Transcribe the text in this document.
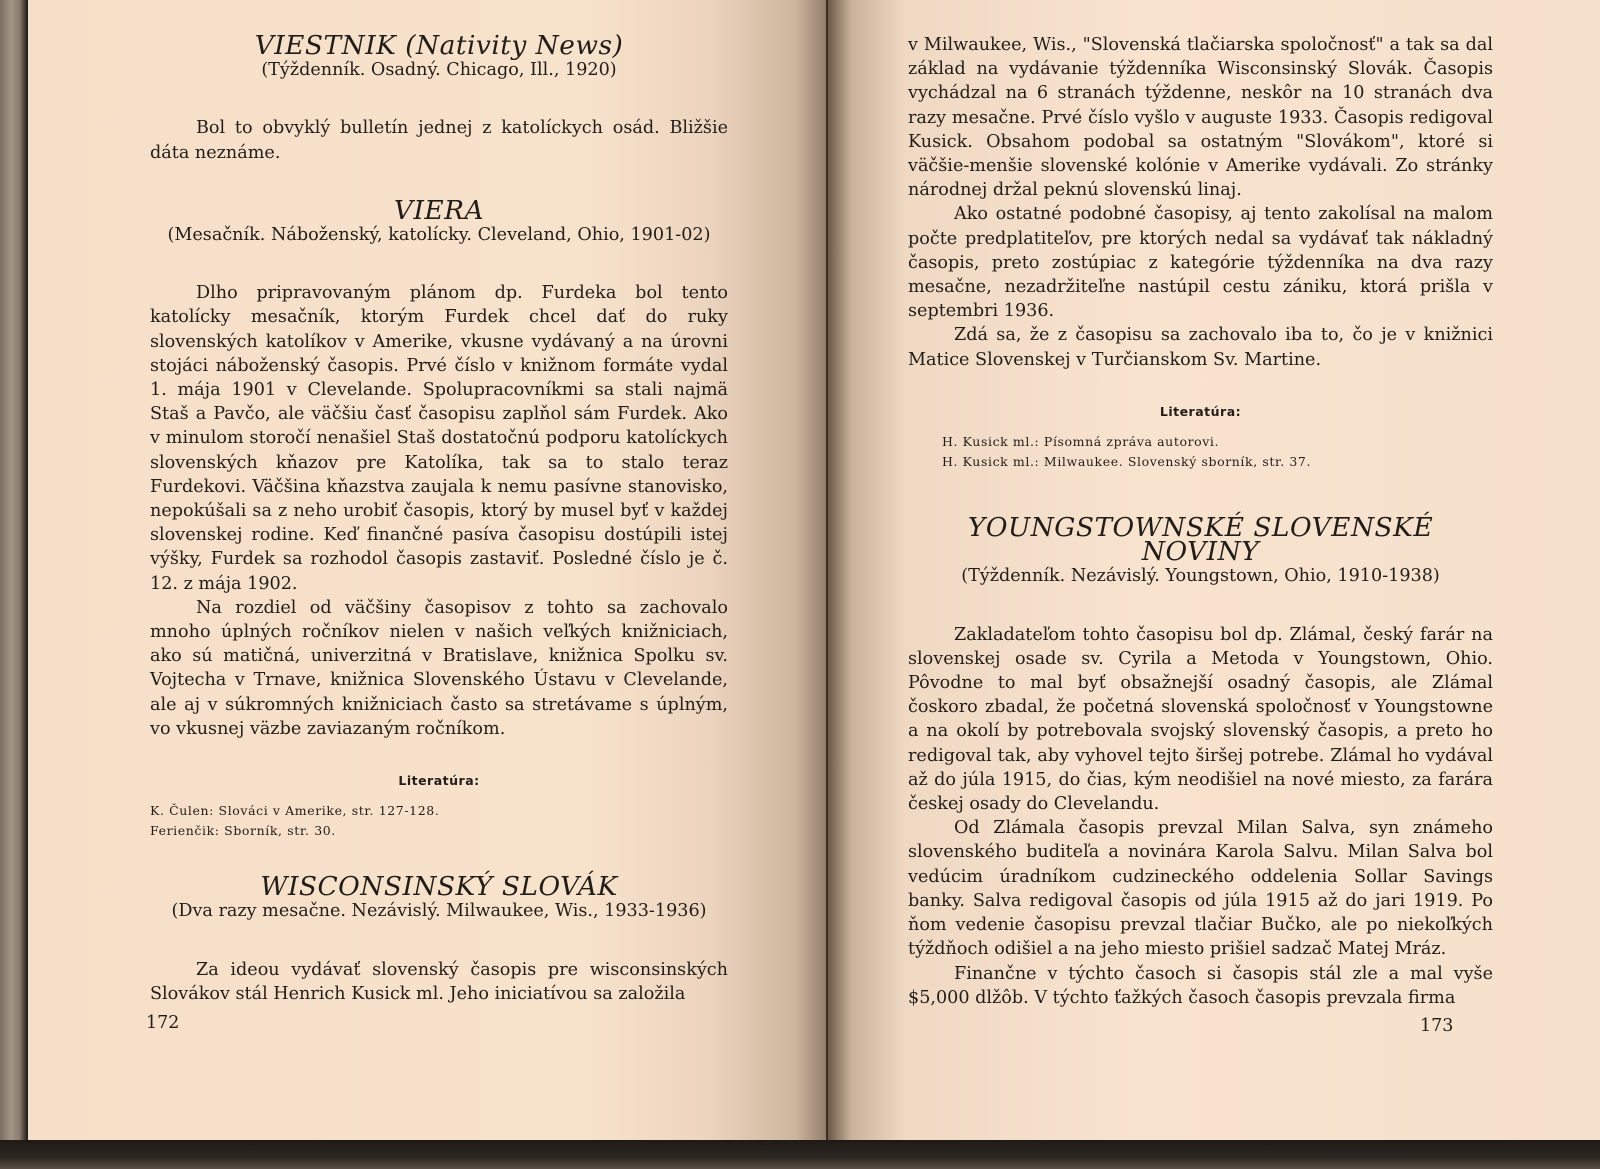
VIESTNIK (Nativity News)

(Týždenník. Osadný. Chicago, Ill., 1920)

Bol to obvyklý bulletín jednej z katolíckych osád. Bližšie dáta neznáme.

VIERA

(Mesačník. Náboženský, katolícky. Cleveland, Ohio, 1901-02)

Dlho pripravovaným plánom dp. Furdeka bol tento katolícky mesačník, ktorým Furdek chcel dať do ruky slovenských katolíkov v Amerike, vkusne vydávaný a na úrovni stojáci náboženský časopis. Prvé číslo v knižnom formáte vydal 1. mája 1901 v Clevelande. Spolupracovníkmi sa stali najmä Staš a Pavčo, ale väčšiu časť časopisu zaplňol sám Furdek. Ako v minulom storočí nenašiel Staš dostatočnú podporu katolíckych slovenských kňazov pre Katolíka, tak sa to stalo teraz Furdekovi. Väčšina kňazstva zaujala k nemu pasívne stanovisko, nepokúšali sa z neho urobiť časopis, ktorý by musel byť v každej slovenskej rodine. Keď finančné pasíva časopisu dostúpili istej výšky, Furdek sa rozhodol časopis zastaviť. Posledné číslo je č. 12. z mája 1902.

Na rozdiel od väčšiny časopisov z tohto sa zachovalo mnoho úplných ročníkov nielen v našich veľkých knižniciach, ako sú matičná, univerzitná v Bratislave, knižnica Spolku sv. Vojtecha v Trnave, knižnica Slovenského Ústavu v Clevelande, ale aj v súkromných knižniciach často sa stretávame s úplným, vo vkusnej väzbe zaviazaným ročníkom.

Literatúra:

K. Čulen: Slováci v Amerike, str. 127-128.

Ferienčik: Sborník, str. 30.

WISCONSINSKÝ SLOVÁK

(Dva razy mesačne. Nezávislý. Milwaukee, Wis., 1933-1936)

Za ideou vydávať slovenský časopis pre wisconsinských Slovákov stál Henrich Kusick ml. Jeho iniciatívou sa založila

172

v Milwaukee, Wis., "Slovenská tlačiarska spoločnosť" a tak sa dal základ na vydávanie týždenníka Wisconsinský Slovák. Časopis vychádzal na 6 stranách týždenne, neskôr na 10 stranách dva razy mesačne. Prvé číslo vyšlo v auguste 1933. Časopis redigoval Kusick. Obsahom podobal sa ostatným "Slovákom", ktoré si väčšie-menšie slovenské kolónie v Amerike vydávali. Zo stránky národnej držal peknú slovenskú linaj.

Ako ostatné podobné časopisy, aj tento zakolísal na malom počte predplatiteľov, pre ktorých nedal sa vydávať tak nákladný časopis, preto zostúpiac z kategórie týždenníka na dva razy mesačne, nezadržiteľne nastúpil cestu zániku, ktorá prišla v septembri 1936.

Zdá sa, že z časopisu sa zachovalo iba to, čo je v knižnici Matice Slovenskej v Turčianskom Sv. Martine.

Literatúra:

H. Kusick ml.: Písomná zpráva autorovi.

H. Kusick ml.: Milwaukee. Slovenský sborník, str. 37.

YOUNGSTOWNSKÉ SLOVENSKÉ NOVINY

(Týždenník. Nezávislý. Youngstown, Ohio, 1910-1938)

Zakladateľom tohto časopisu bol dp. Zlámal, český farár na slovenskej osade sv. Cyrila a Metoda v Youngstown, Ohio. Pôvodne to mal byť obsažnejší osadný časopis, ale Zlámal čoskoro zbadal, že početná slovenská spoločnosť v Youngstowne a na okolí by potrebovala svojský slovenský časopis, a preto ho redigoval tak, aby vyhovel tejto širšej potrebe. Zlámal ho vydával až do júla 1915, do čias, kým neodišiel na nové miesto, za farára českej osady do Clevelandu.

Od Zlámala časopis prevzal Milan Salva, syn známeho slovenského buditeľa a novinára Karola Salvu. Milan Salva bol vedúcim úradníkom cudzineckého oddelenia Sollar Savings banky. Salva redigoval časopis od júla 1915 až do jari 1919. Po ňom vedenie časopisu prevzal tlačiar Bučko, ale po niekoľkých týždňoch odišiel a na jeho miesto prišiel sadzač Matej Mráz.

Finančne v týchto časoch si časopis stál zle a mal vyše $5,000 dlžôb. V týchto ťažkých časoch časopis prevzala firma

173
